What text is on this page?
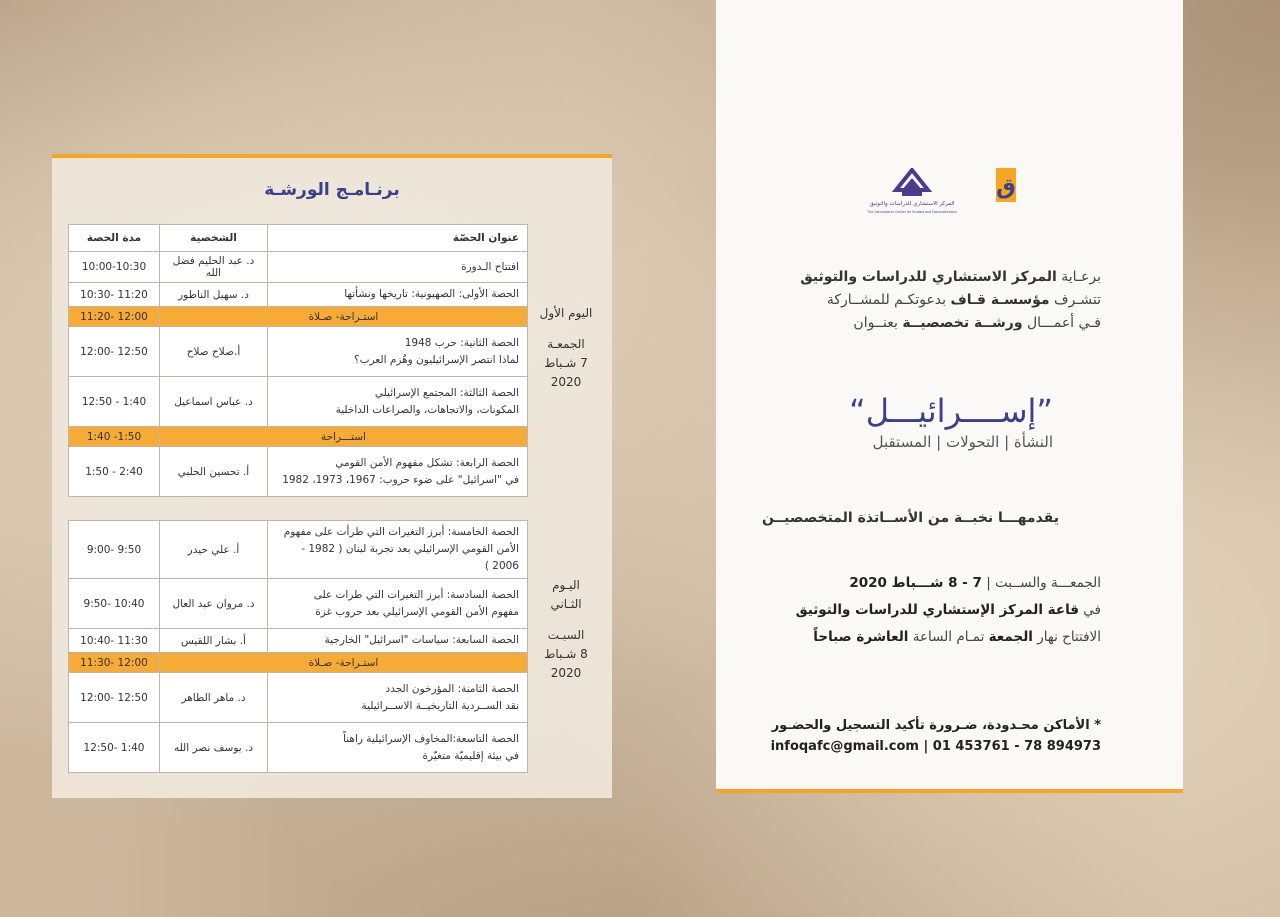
برنـامـج الورشـة
عنوان الحصّة	الشخصية	مدة الحصة

افتتاح الـدورة	د. عبد الحليم فضل الله	10:00-10:30

الحصة الأولى: الصهيونية: تاريخها ونشأتها	د. سهيل الناطور	10:30- 11:20
استـراحة- صـلاة		11:20- 12:00

الحصة الثانية: حرب 1948
لماذا انتصر الإسرائيليون وهُزم العرب؟	أ.صلاح صلاح	12:00- 12:50

الحصة الثالثة: المجتمع الإسرائيلي
المكونات، والاتجاهات، والصراعات الداخلية	د. عباس اسماعيل	12:50 - 1:40
استـــراحة		1:40 -1:50

الحصة الرابعة: تشكل مفهوم الأمن القومي
في "اسرائيل" على ضوء حروب: 1967، 1973، 1982	أ. تحسين الحلبي	1:50 - 2:40
الحصة الخامسة: أبرز التغيرات التي طرأت على مفهوم
الأمن القومي الإسرائيلي بعد تجربة لبنان ( 1982 - 2006 )	أ. علي حيدر	9:00- 9:50

الحصة السادسة: أبرز التغيرات التي طرات على
مفهوم الأمن القومي الإسرائيلي بعد حروب غزة	د. مروان عبد العال	9:50- 10:40

الحصة السابعة: سياسات "اسرائيل" الخارجية	أ. بشار اللقيس	10:40- 11:30
استـراحة- صـلاة		11:30- 12:00

الحصة الثامنة: المؤرخون الجدد
نقد الســردية التاريخيــة الاســرائيلية	د. ماهر الطاهر	12:00- 12:50

الحصة التاسعة:المخاوف الإسرائيلية راهناً
في بيئة إقليميّة متغيّرة	د. يوسف نصر الله	12:50- 1:40
اليوم الأول
الجمعـة
7 شـباط
2020
اليـوم
الثـاني
السبـت
8 شـباط
2020
المركز الاستشاري للدراسات والتوثيق
The Consultative Center for Studies and Documentation
ق
برعـاية المركز الاستشاري للدراسات والتوثيق
تتشـرف مؤسسـة قـاف بدعوتكـم للمشــاركة
فـي أعمـــال ورشــة تخصصيــة بعنــوان
”إســــرائيـــل“
النشأة | التحولات | المستقبل
يقدمهـــا نخبــة من الأســاتذة المتخصصيــن
الجمعـــة والســبت | 7 - 8 شـــباط 2020
في قاعة المركز الإستشاري للدراسات والتوثيق
الافتتاح نهار الجمعة تمـام الساعة العاشرة صباحاً
* الأماكن محـدودة، ضـرورة تأكيد التسجيل والحضـور
infoqafc@gmail.com | 01 453761 - 78 894973
